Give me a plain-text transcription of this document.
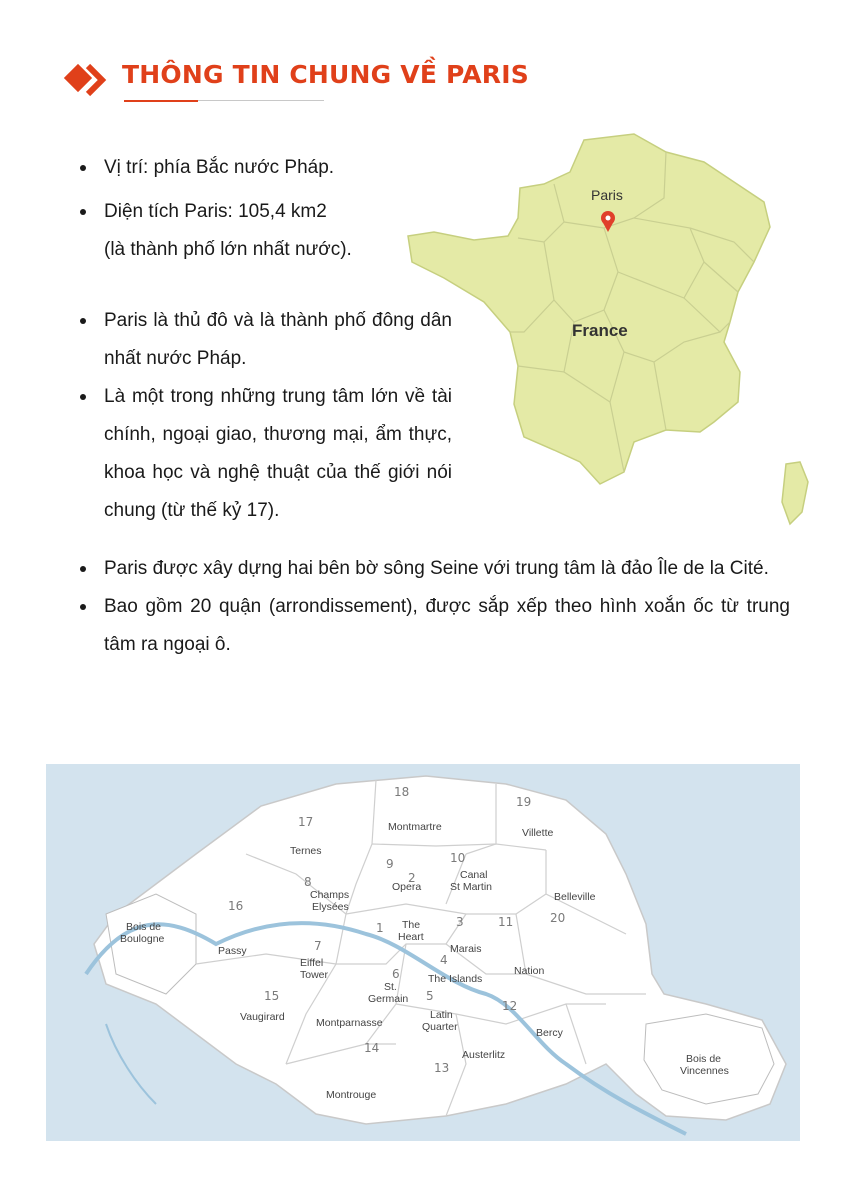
THÔNG TIN CHUNG VỀ PARIS
Vị trí: phía Bắc nước Pháp.
Diện tích Paris: 105,4 km2
(là thành phố lớn nhất nước).
Paris là thủ đô và là thành phố đông dân nhất nước Pháp.
Là một trong những trung tâm lớn về tài chính, ngoại giao, thương mại, ẩm thực, khoa học và nghệ thuật của thế giới nói chung (từ thế kỷ 17).
Paris
France
Paris được xây dựng hai bên bờ sông Seine với trung tâm là đảo Île de la Cité.
Bao gồm 20 quận (arrondissement), được sắp xếp theo hình xoắn ốc từ trung tâm ra ngoại ô.
18
19
17
9	10
8
20
2
1	3	11
16
7
4
6
5
15
12
14
13
Montmartre	Villette
Ternes
Opera
Canal
St Martin
Champs
Elysées
Belleville
The
Heart
Marais
Nation
Passy
Eiffel
Tower	The Islands
St.
Germain
Latin
Quarter
Vaugirard
Bercy
Montparnasse
Austerlitz
Montrouge
Bois de
Boulogne
Bois de
Vincennes
